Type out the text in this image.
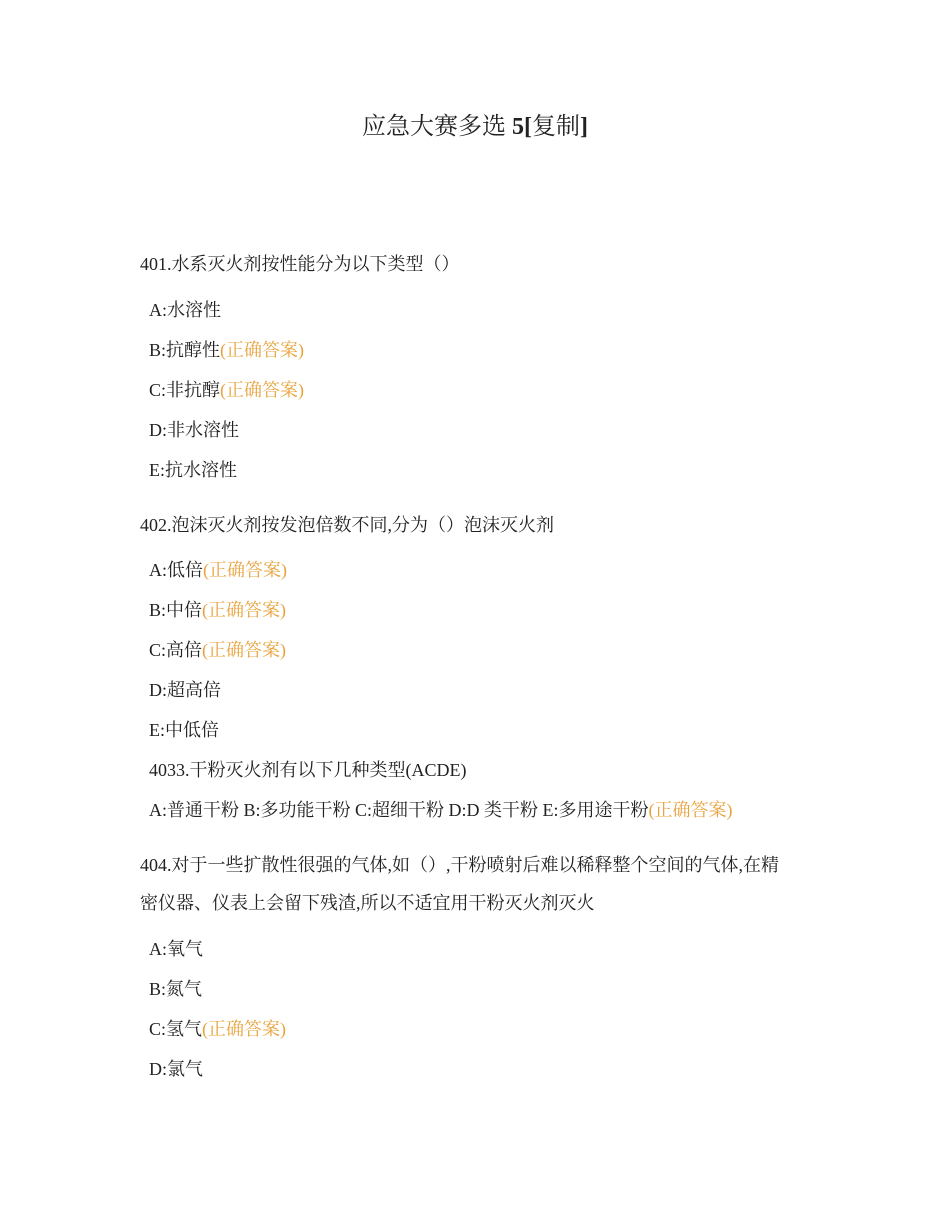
应急大赛多选 5[复制]
401.水系灭火剂按性能分为以下类型（）
A:水溶性
B:抗醇性(正确答案)
C:非抗醇(正确答案)
D:非水溶性
E:抗水溶性
402.泡沫灭火剂按发泡倍数不同,分为（）泡沫灭火剂
A:低倍(正确答案)
B:中倍(正确答案)
C:高倍(正确答案)
D:超高倍
E:中低倍
4033.干粉灭火剂有以下几种类型(ACDE)
A:普通干粉 B:多功能干粉 C:超细干粉 D:D 类干粉 E:多用途干粉(正确答案)
404.对于一些扩散性很强的气体,如（）,干粉喷射后难以稀释整个空间的气体,在精
密仪器、仪表上会留下残渣,所以不适宜用干粉灭火剂灭火
A:氧气
B:氮气
C:氢气(正确答案)
D:氯气
